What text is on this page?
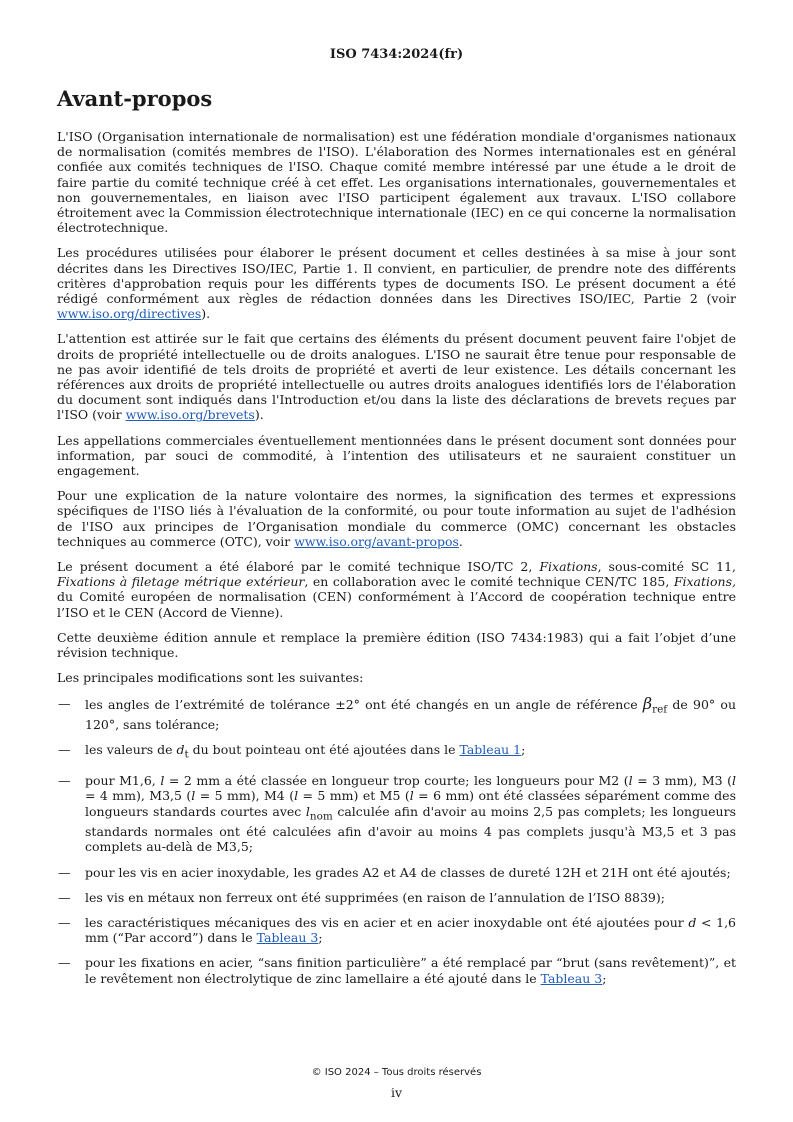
ISO 7434:2024(fr)
Avant-propos

L'ISO (Organisation internationale de normalisation) est une fédération mondiale d'organismes nationaux de normalisation (comités membres de l'ISO). L'élaboration des Normes internationales est en général confiée aux comités techniques de l'ISO. Chaque comité membre intéressé par une étude a le droit de faire partie du comité technique créé à cet effet. Les organisations internationales, gouvernementales et non gouvernementales, en liaison avec l'ISO participent également aux travaux. L'ISO collabore étroitement avec la Commission électrotechnique internationale (IEC) en ce qui concerne la normalisation électrotechnique.

Les procédures utilisées pour élaborer le présent document et celles destinées à sa mise à jour sont décrites dans les Directives ISO/IEC, Partie 1. Il convient, en particulier, de prendre note des différents critères d'approbation requis pour les différents types de documents ISO. Le présent document a été rédigé conformément aux règles de rédaction données dans les Directives ISO/IEC, Partie 2 (voir www.iso.org/directives).

L'attention est attirée sur le fait que certains des éléments du présent document peuvent faire l'objet de droits de propriété intellectuelle ou de droits analogues. L'ISO ne saurait être tenue pour responsable de ne pas avoir identifié de tels droits de propriété et averti de leur existence. Les détails concernant les références aux droits de propriété intellectuelle ou autres droits analogues identifiés lors de l'élaboration du document sont indiqués dans l'Introduction et/ou dans la liste des déclarations de brevets reçues par l'ISO (voir www.iso.org/brevets).

Les appellations commerciales éventuellement mentionnées dans le présent document sont données pour information, par souci de commodité, à l’intention des utilisateurs et ne sauraient constituer un engagement.

Pour une explication de la nature volontaire des normes, la signification des termes et expressions spécifiques de l'ISO liés à l'évaluation de la conformité, ou pour toute information au sujet de l'adhésion de l'ISO aux principes de l’Organisation mondiale du commerce (OMC) concernant les obstacles techniques au commerce (OTC), voir www.iso.org/avant-propos.

Le présent document a été élaboré par le comité technique ISO/TC 2, Fixations, sous-comité SC 11, Fixations à filetage métrique extérieur, en collaboration avec le comité technique CEN/TC 185, Fixations, du Comité européen de normalisation (CEN) conformément à l’Accord de coopération technique entre l’ISO et le CEN (Accord de Vienne).

Cette deuxième édition annule et remplace la première édition (ISO 7434:1983) qui a fait l’objet d’une révision technique.

Les principales modifications sont les suivantes:

— les angles de l’extrémité de tolérance ±2° ont été changés en un angle de référence $\beta_{ref}$ de 90° ou 120°, sans tolérance;
— les valeurs de $d_t$ du bout pointeau ont été ajoutées dans le Tableau 1;
— pour M1,6, l = 2 mm a été classée en longueur trop courte; les longueurs pour M2 (l = 3 mm), M3 (l = 4 mm), M3,5 (l = 5 mm), M4 (l = 5 mm) et M5 (l = 6 mm) ont été classées séparément comme des longueurs standards courtes avec $l_{nom}$ calculée afin d'avoir au moins 2,5 pas complets; les longueurs standards normales ont été calculées afin d'avoir au moins 4 pas complets jusqu'à M3,5 et 3 pas complets au-delà de M3,5;
— pour les vis en acier inoxydable, les grades A2 et A4 de classes de dureté 12H et 21H ont été ajoutés;
— les vis en métaux non ferreux ont été supprimées (en raison de l’annulation de l’ISO 8839);
— les caractéristiques mécaniques des vis en acier et en acier inoxydable ont été ajoutées pour d < 1,6 mm (“Par accord”) dans le Tableau 3;
— pour les fixations en acier, “sans finition particulière” a été remplacé par “brut (sans revêtement)”, et le revêtement non électrolytique de zinc lamellaire a été ajouté dans le Tableau 3;
© ISO 2024 – Tous droits réservés
iv
